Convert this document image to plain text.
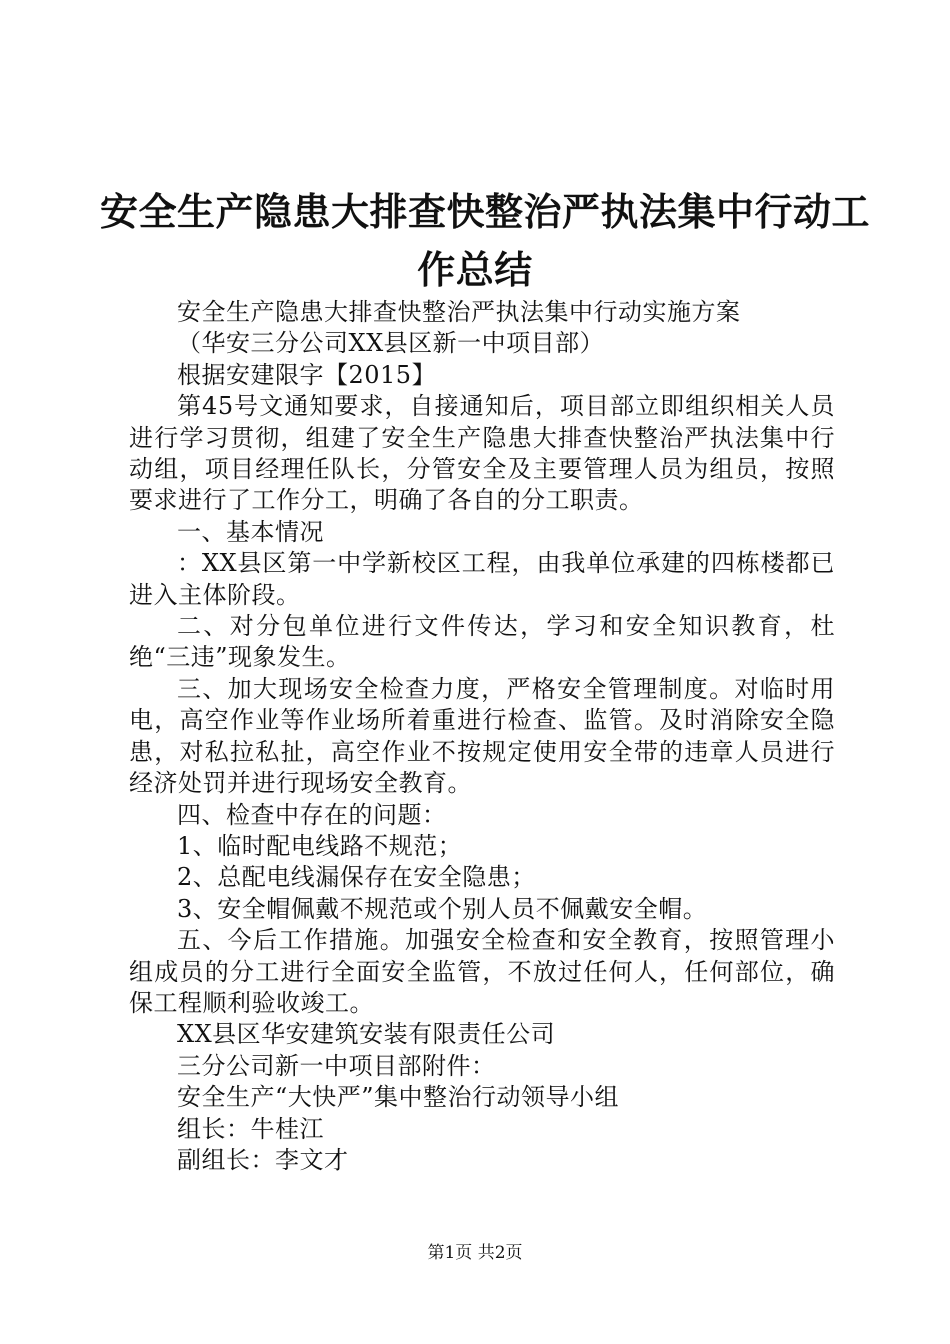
安全生产隐患大排查快整治严执法集中行动工
作总结

安全生产隐患大排查快整治严执法集中行动实施方案

（华安三分公司XX县区新一中项目部）

根据安建限字【2015】

第45号文通知要求，自接通知后，项目部立即组织相关人员进行学习贯彻，组建了安全生产隐患大排查快整治严执法集中行动组，项目经理任队长，分管安全及主要管理人员为组员，按照要求进行了工作分工，明确了各自的分工职责。

一、基本情况

：XX县区第一中学新校区工程，由我单位承建的四栋楼都已进入主体阶段。

二、对分包单位进行文件传达，学习和安全知识教育，杜绝“三违”现象发生。

三、加大现场安全检查力度，严格安全管理制度。对临时用电，高空作业等作业场所着重进行检查、监管。及时消除安全隐患，对私拉私扯，高空作业不按规定使用安全带的违章人员进行经济处罚并进行现场安全教育。

四、检查中存在的问题：

1、临时配电线路不规范；

2、总配电线漏保存在安全隐患；

3、安全帽佩戴不规范或个别人员不佩戴安全帽。

五、今后工作措施。加强安全检查和安全教育，按照管理小组成员的分工进行全面安全监管，不放过任何人，任何部位，确保工程顺利验收竣工。

XX县区华安建筑安装有限责任公司

三分公司新一中项目部附件：

安全生产“大快严”集中整治行动领导小组

组长：牛桂江

副组长：李文才

第1页 共2页
